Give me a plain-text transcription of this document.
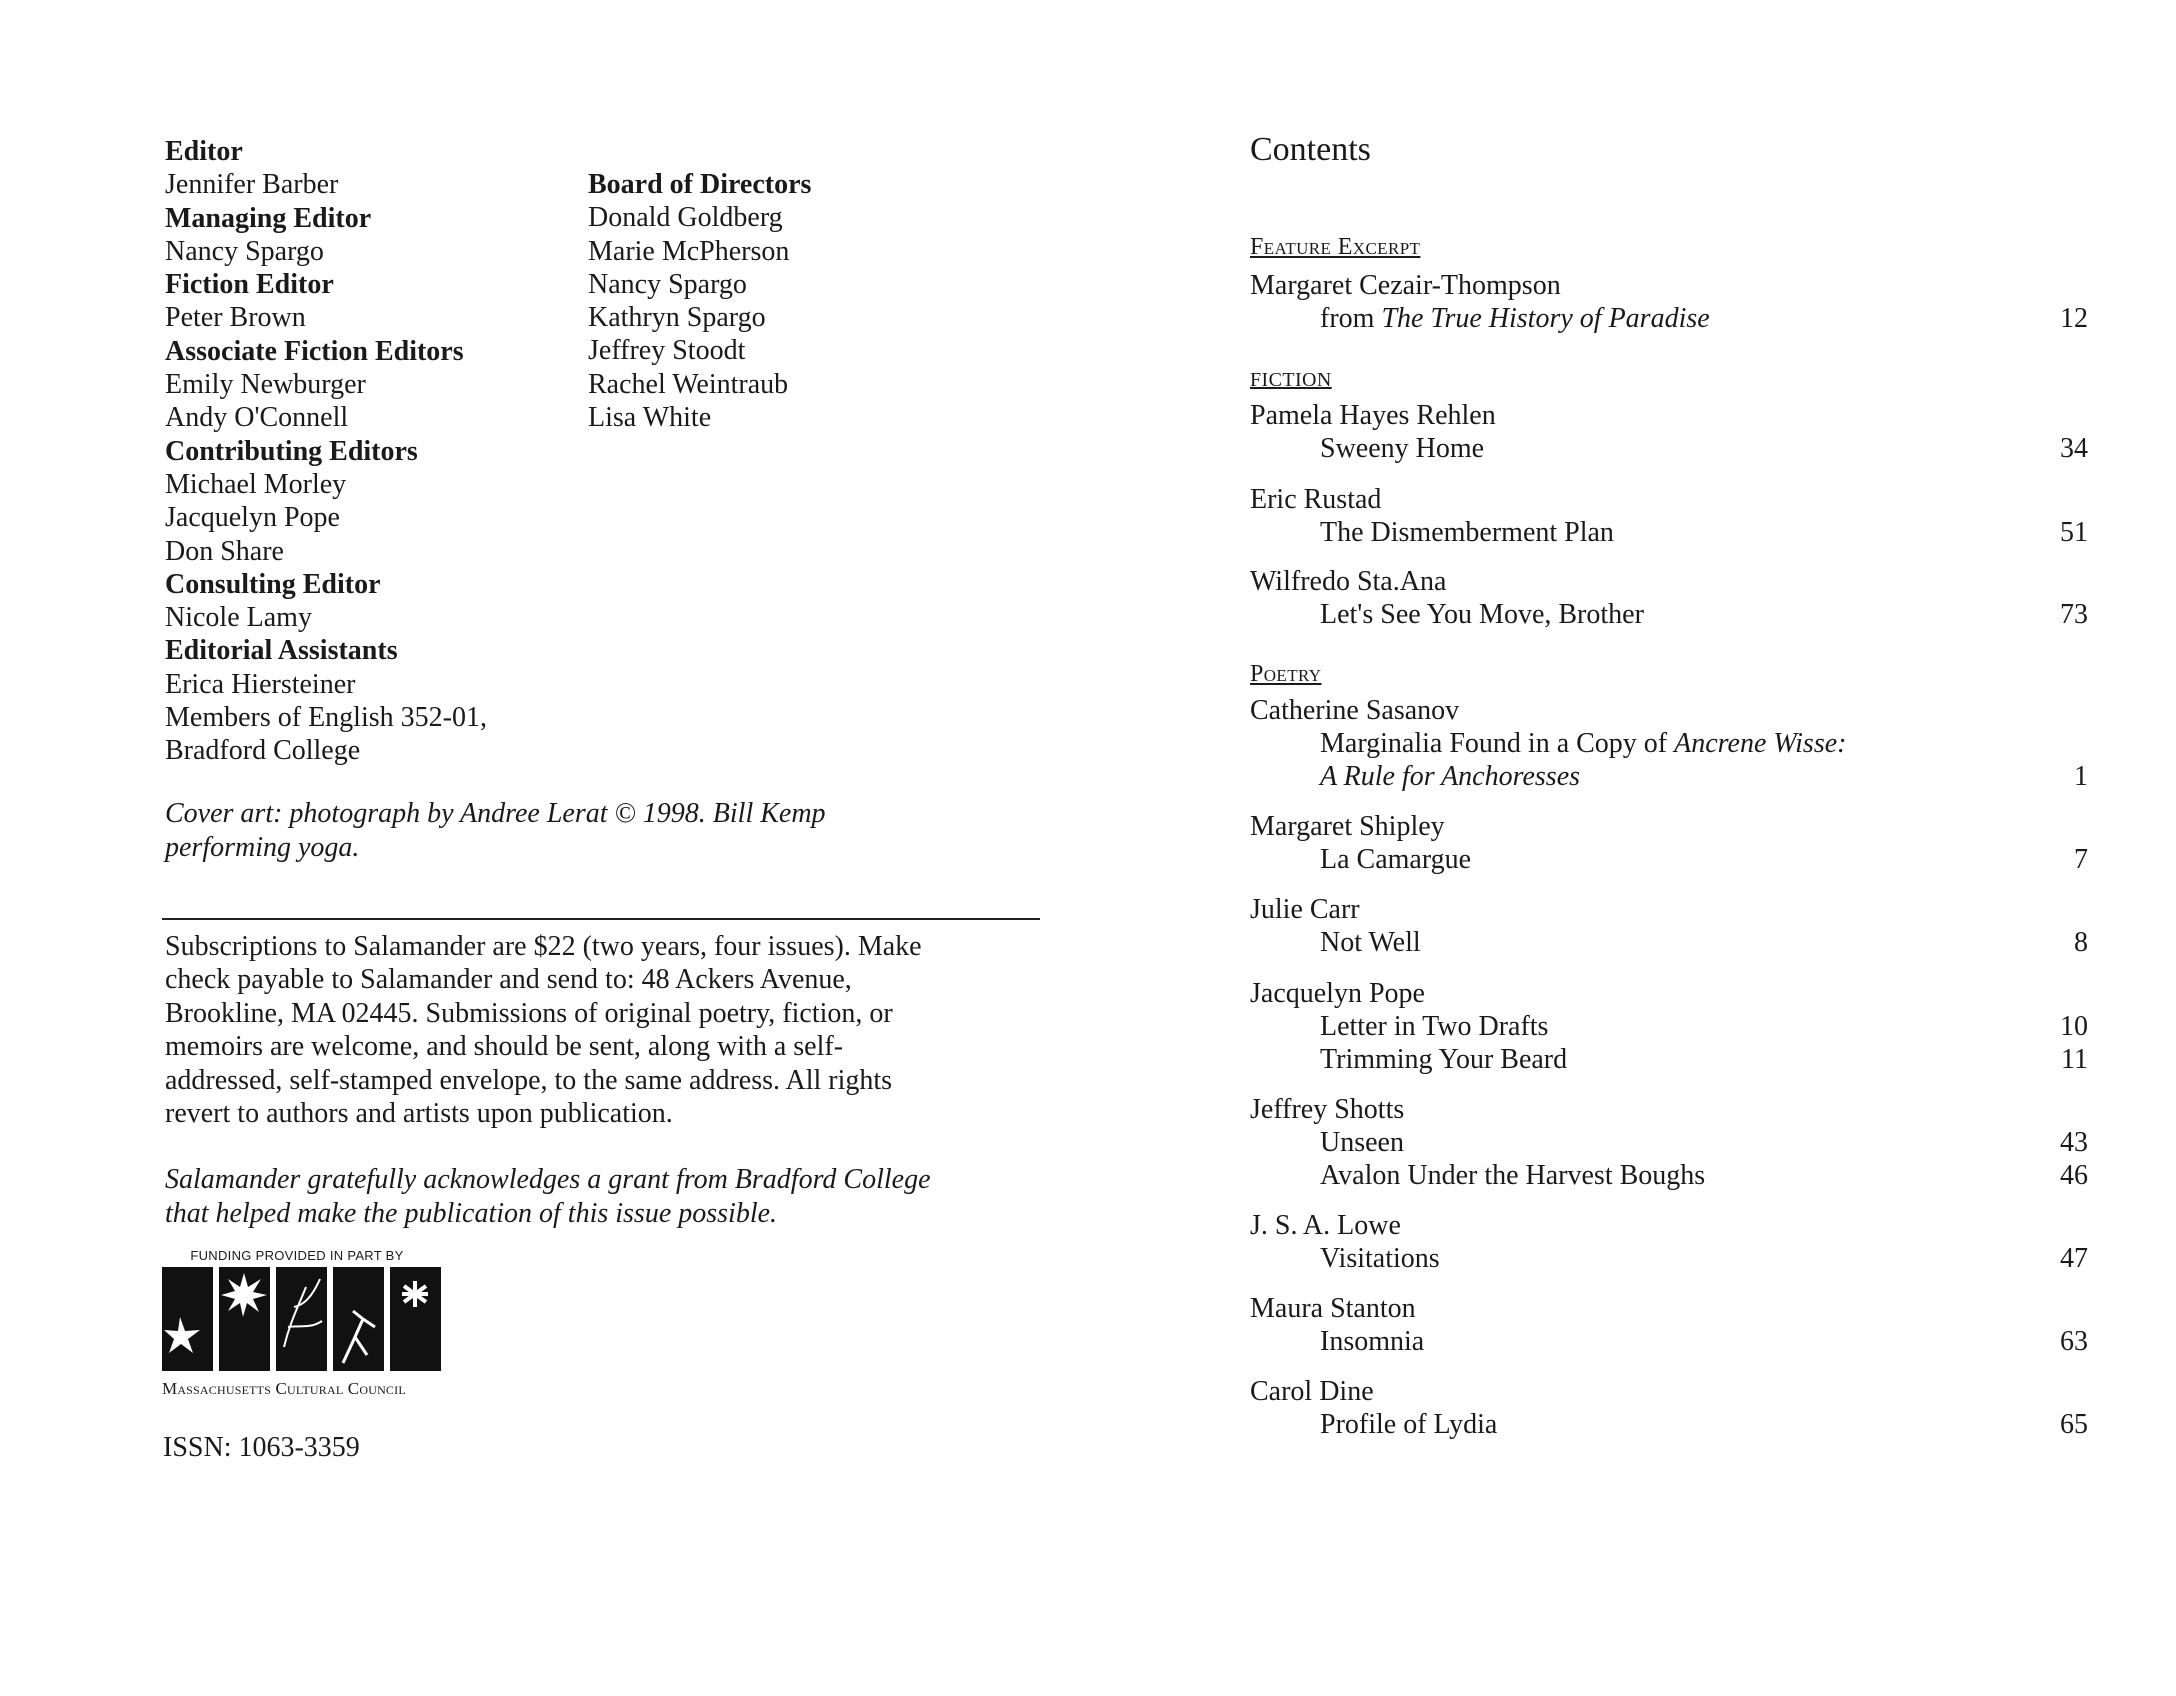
Editor
Jennifer Barber
Managing Editor
Nancy Spargo
Fiction Editor
Peter Brown
Associate Fiction Editors
Emily Newburger
Andy O'Connell
Contributing Editors
Michael Morley
Jacquelyn Pope
Don Share
Consulting Editor
Nicole Lamy
Editorial Assistants
Erica Hiersteiner
Members of English 352-01,
Bradford College
Board of Directors
Donald Goldberg
Marie McPherson
Nancy Spargo
Kathryn Spargo
Jeffrey Stoodt
Rachel Weintraub
Lisa White
Cover art: photograph by Andree Lerat © 1998. Bill Kemp performing yoga.
Subscriptions to Salamander are $22 (two years, four issues). Make
check payable to Salamander and send to: 48 Ackers Avenue,
Brookline, MA 02445. Submissions of original poetry, fiction, or
memoirs are welcome, and should be sent, along with a self-
addressed, self-stamped envelope, to the same address. All rights
revert to authors and artists upon publication.
Salamander gratefully acknowledges a grant from Bradford College
that helped make the publication of this issue possible.
FUNDING PROVIDED IN PART BY
Massachusetts Cultural Council
ISSN: 1063-3359
Contents
Feature Excerpt
Margaret Cezair-Thompson
from The True History of Paradise	12
FICTION
Pamela Hayes Rehlen
Sweeny Home	34
Eric Rustad
The Dismemberment Plan	51
Wilfredo Sta.Ana
Let's See You Move, Brother	73
Poetry
Catherine Sasanov
Marginalia Found in a Copy of Ancrene Wisse:
A Rule for Anchoresses	1
Margaret Shipley
La Camargue	7
Julie Carr
Not Well	8
Jacquelyn Pope
Letter in Two Drafts	10
Trimming Your Beard	11
Jeffrey Shotts
Unseen	43
Avalon Under the Harvest Boughs	46
J. S. A. Lowe
Visitations	47
Maura Stanton
Insomnia	63
Carol Dine
Profile of Lydia	65
